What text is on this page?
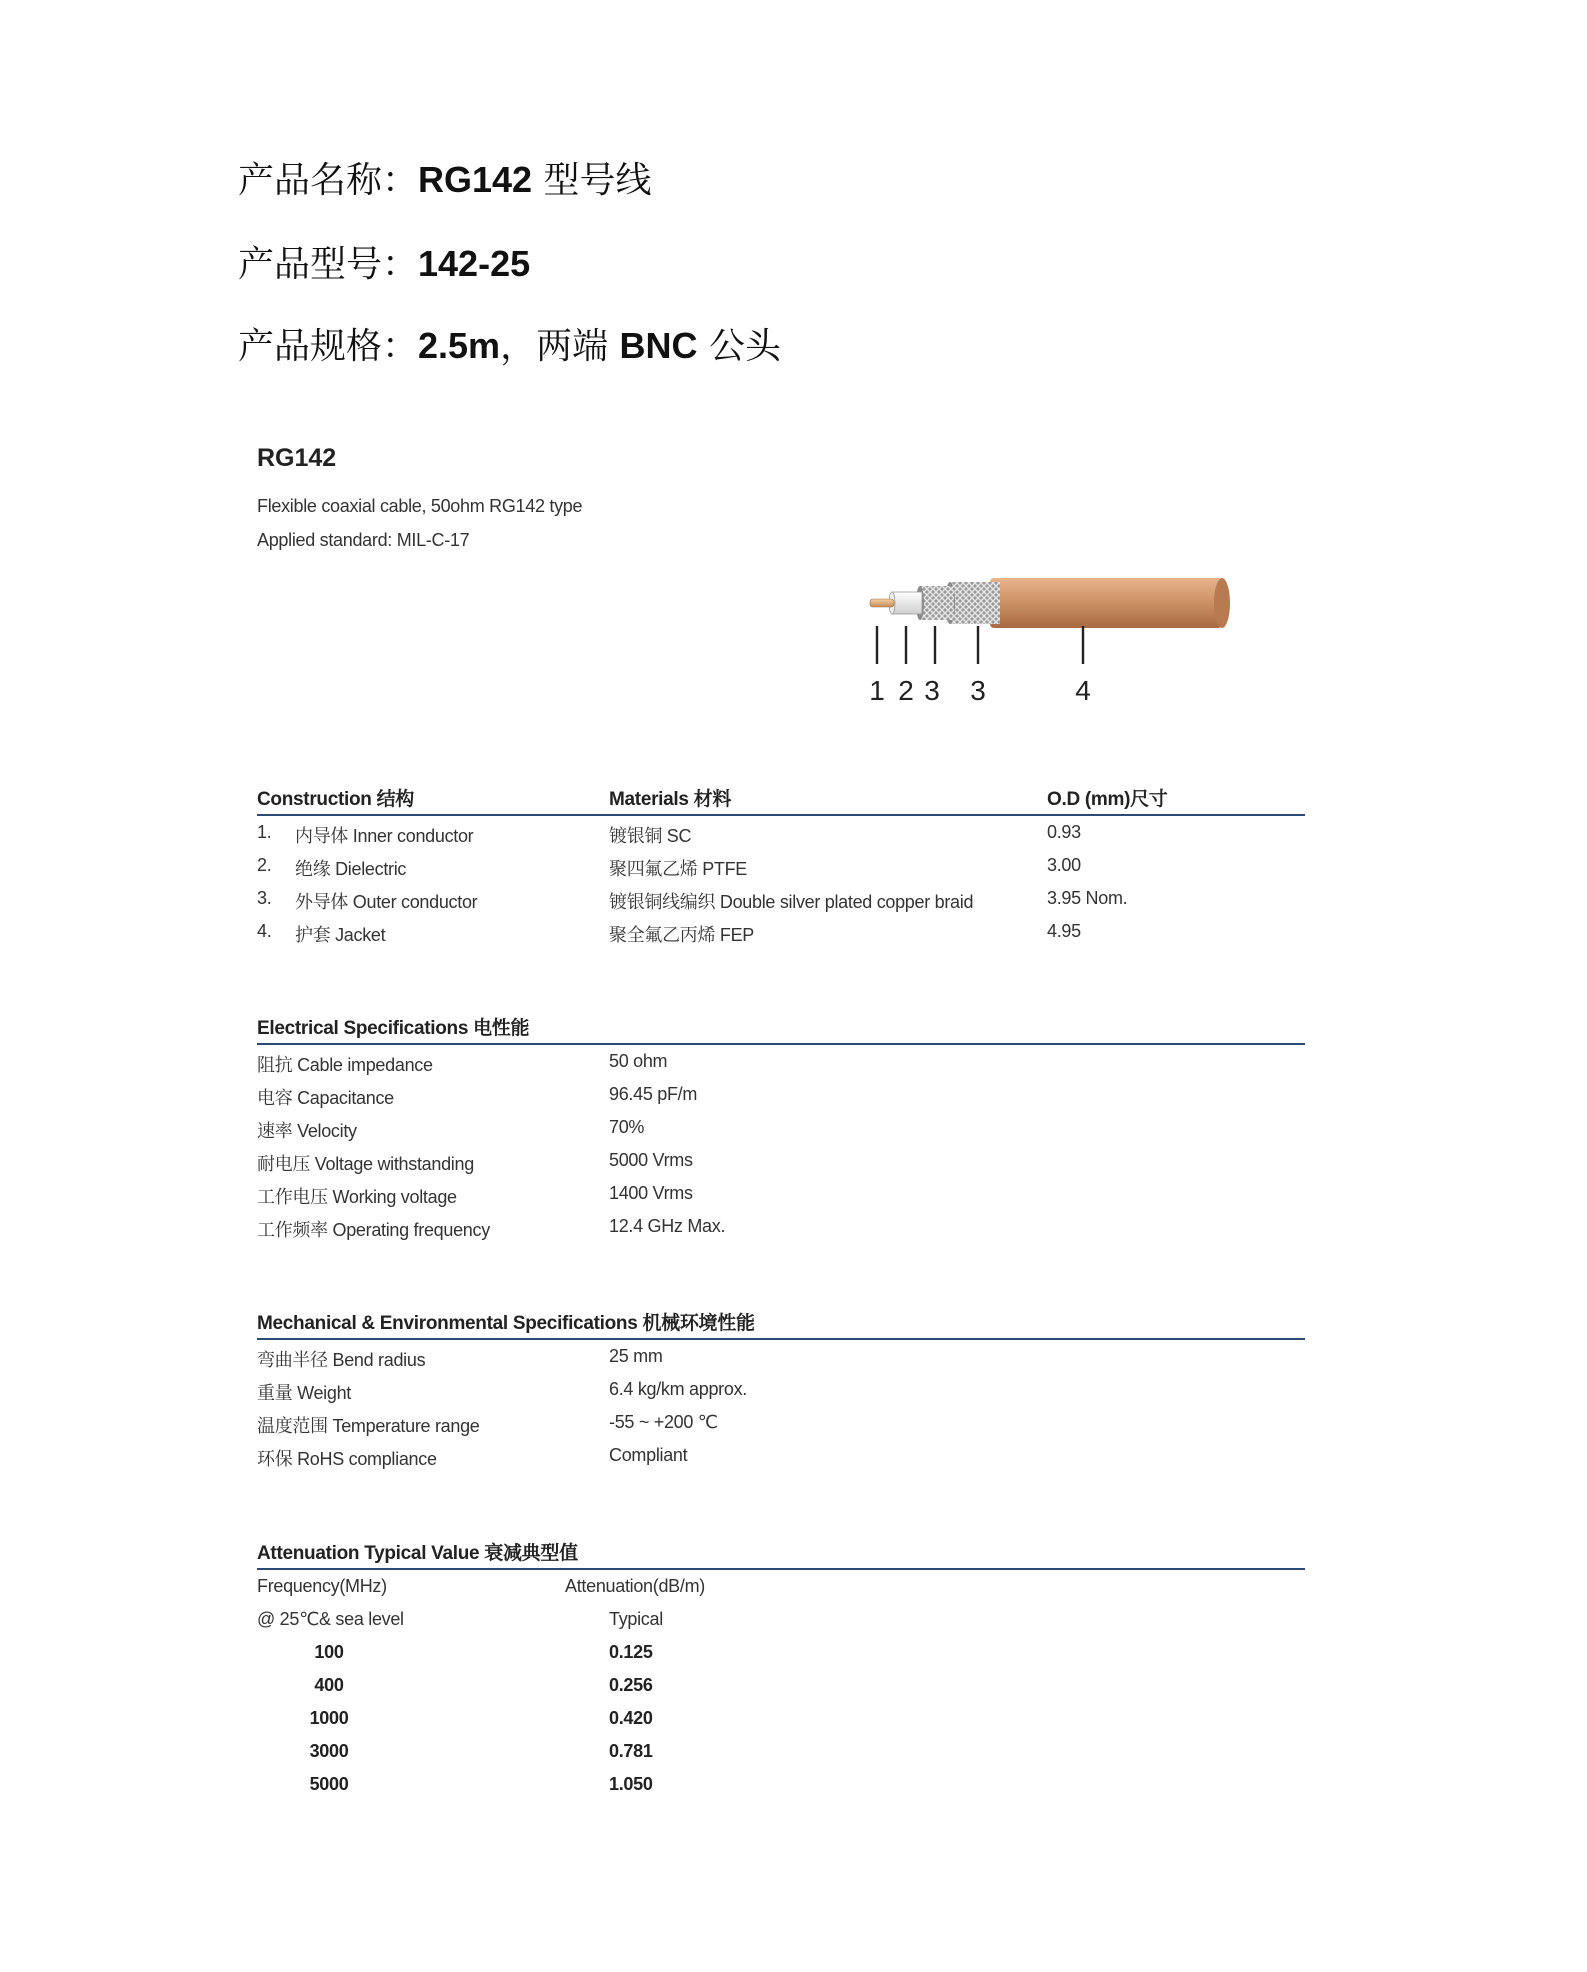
产品名称：RG142 型号线
产品型号：142-25
产品规格：2.5m，两端 BNC 公头
RG142
Flexible coaxial cable, 50ohm RG142 type
Applied standard: MIL-C-17
1 2 3 3	4
Construction 结构	Materials 材料	O.D (mm)尺寸
1. 内导体 Inner conductor	镀银铜 SC	0.93
2. 绝缘 Dielectric	聚四氟乙烯 PTFE	3.00
3. 外导体 Outer conductor	镀银铜线编织 Double silver plated copper braid	3.95 Nom.
4. 护套 Jacket	聚全氟乙丙烯 FEP	4.95
Electrical Specifications 电性能
阻抗 Cable impedance	50 ohm
电容 Capacitance	96.45 pF/m
速率 Velocity	70%
耐电压 Voltage withstanding	5000 Vrms
工作电压 Working voltage	1400 Vrms
工作频率 Operating frequency	12.4 GHz Max.
Mechanical & Environmental Specifications 机械环境性能
弯曲半径 Bend radius	25 mm
重量 Weight	6.4 kg/km approx.
温度范围 Temperature range	-55 ~ +200 ℃
环保 RoHS compliance	Compliant
Attenuation Typical Value 衰减典型值
Frequency(MHz)	Attenuation(dB/m)
@ 25℃& sea level	Typical
100	0.125
400	0.256
1000	0.420
3000	0.781
5000	1.050
